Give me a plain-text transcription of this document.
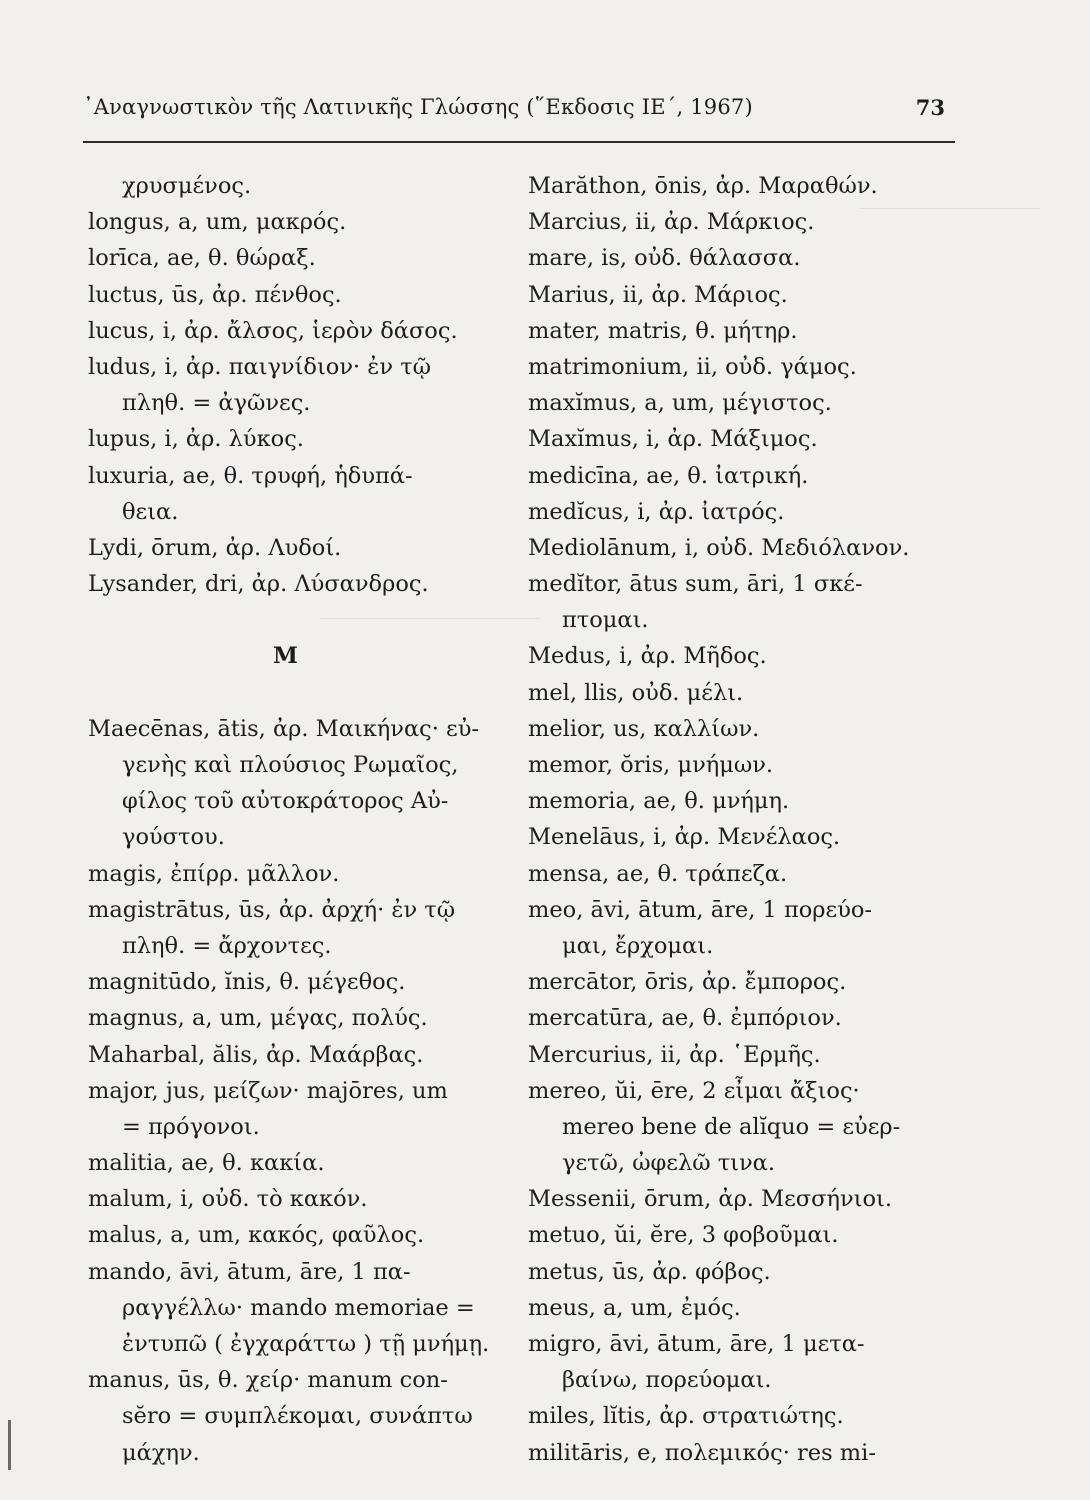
᾿Αναγνωστικὸν τῆς Λατινικῆς Γλώσσης (῞Εκδοσις ΙΕ΄, 1967)	73
χρυσμένος.
longus, a, um, μακρός.
lorīca, ae, θ. θώραξ.
luctus, ūs, ἀρ. πένθος.
lucus, i, ἀρ. ἄλσος, ἱερὸν δάσος.
ludus, i, ἀρ. παιγνίδιον· ἐν τῷ
πληθ. = ἀγῶνες.
lupus, i, ἀρ. λύκος.
luxuria, ae, θ. τρυφή, ἡδυπά-
θεια.
Lydi, ōrum, ἀρ. Λυδοί.
Lysander, dri, ἀρ. Λύσανδρος.
M
Maecēnas, ātis, ἀρ. Μαικήνας· εὐ-
γενὴς καὶ πλούσιος Ρωμαῖος,
φίλος τοῦ αὐτοκράτορος Αὐ-
γούστου.
magis, ἐπίρρ. μᾶλλον.
magistrātus, ūs, ἀρ. ἀρχή· ἐν τῷ
πληθ. = ἄρχοντες.
magnitūdo, ĭnis, θ. μέγεθος.
magnus, a, um, μέγας, πολύς.
Maharbal, ălis, ἀρ. Μαάρβας.
major, jus, μείζων· majōres, um
= πρόγονοι.
malitia, ae, θ. κακία.
malum, i, οὐδ. τὸ κακόν.
malus, a, um, κακός, φαῦλος.
mando, āvi, ātum, āre, 1 πα-
ραγγέλλω· mando memoriae =
ἐντυπῶ ( ἐγχαράττω ) τῇ μνήμῃ.
manus, ūs, θ. χείρ· manum con-
sĕro = συμπλέκομαι, συνάπτω
μάχην.
Marăthon, ōnis, ἀρ. Μαραθών.
Marcius, ii, ἀρ. Μάρκιος.
mare, is, οὐδ. θάλασσα.
Marius, ii, ἀρ. Μάριος.
mater, matris, θ. μήτηρ.
matrimonium, ii, οὐδ. γάμος.
maxĭmus, a, um, μέγιστος.
Maxĭmus, i, ἀρ. Μάξιμος.
medicīna, ae, θ. ἰατρική.
medĭcus, i, ἀρ. ἰατρός.
Mediolānum, i, οὐδ. Μεδιόλανον.
medĭtor, ātus sum, āri, 1 σκέ-
πτομαι.
Medus, i, ἀρ. Μῆδος.
mel, llis, οὐδ. μέλι.
melior, us, καλλίων.
memor, ŏris, μνήμων.
memoria, ae, θ. μνήμη.
Menelāus, i, ἀρ. Μενέλαος.
mensa, ae, θ. τράπεζα.
meo, āvi, ātum, āre, 1 πορεύο-
μαι, ἔρχομαι.
mercātor, ōris, ἀρ. ἔμπορος.
mercatūra, ae, θ. ἐμπόριον.
Mercurius, ii, ἀρ. ῾Ερμῆς.
mereo, ŭi, ēre, 2 εἶμαι ἄξιος·
mereo bene de alĭquo = εὐερ-
γετῶ, ὠφελῶ τινα.
Messenii, ōrum, ἀρ. Μεσσήνιοι.
metuo, ŭi, ĕre, 3 φοβοῦμαι.
metus, ūs, ἀρ. φόβος.
meus, a, um, ἐμός.
migro, āvi, ātum, āre, 1 μετα-
βαίνω, πορεύομαι.
miles, lĭtis, ἀρ. στρατιώτης.
militāris, e, πολεμικός· res mi-
